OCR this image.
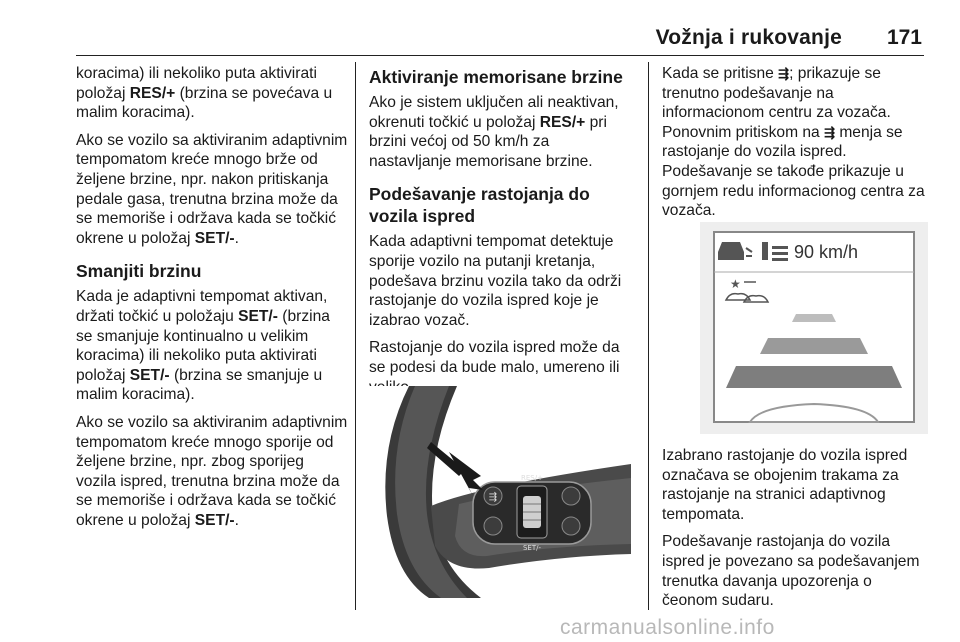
Vožnja i rukovanje 171

koracima) ili nekoliko puta aktivirati položaj RES/+ (brzina se povećava u malim koracima).

Ako se vozilo sa aktiviranim adaptivnim tempomatom kreće mnogo brže od željene brzine, npr. nakon pritiskanja pedale gasa, trenutna brzina može da se memoriše i održava kada se točkić okrene u položaj SET/-.

Smanjiti brzinu

Kada je adaptivni tempomat aktivan, držati točkić u položaju SET/- (brzina se smanjuje kontinualno u velikim koracima) ili nekoliko puta aktivirati položaj SET/- (brzina se smanjuje u malim koracima).

Ako se vozilo sa aktiviranim adaptivnim tempomatom kreće mnogo sporije od željene brzine, npr. zbog sporijeg vozila ispred, trenutna brzina može da se memoriše i održava kada se točkić okrene u položaj SET/-.

Aktiviranje memorisane brzine

Ako je sistem uključen ali neaktivan, okrenuti točkić u položaj RES/+ pri brzini većoj od 50 km/h za nastavljanje memorisane brzine.

Podešavanje rastojanja do vozila ispred

Kada adaptivni tempomat detektuje sporije vozilo na putanji kretanja, podešava brzinu vozila tako da održi rastojanje do vozila ispred koje je izabrao vozač.

Rastojanje do vozila ispred može da se podesi da bude malo, umereno ili

⇶
RES/+
SET/-

Kada se pritisne ⇶; prikazuje se trenutno podešavanje na informacionom centru za vozača. Ponovnim pritiskom na ⇶ menja se rastojanje do vozila ispred. Podešavanje se takođe prikazuje u gornjem redu informacionog centra za vozača.

90 km/h
★

Izabrano rastojanje do vozila ispred označava se obojenim trakama za rastojanje na stranici adaptivnog tempomata.

Podešavanje rastojanja do vozila ispred je povezano sa podešavanjem trenutka davanja upozorenja o čeonom sudaru.

carmanualsonline.info
